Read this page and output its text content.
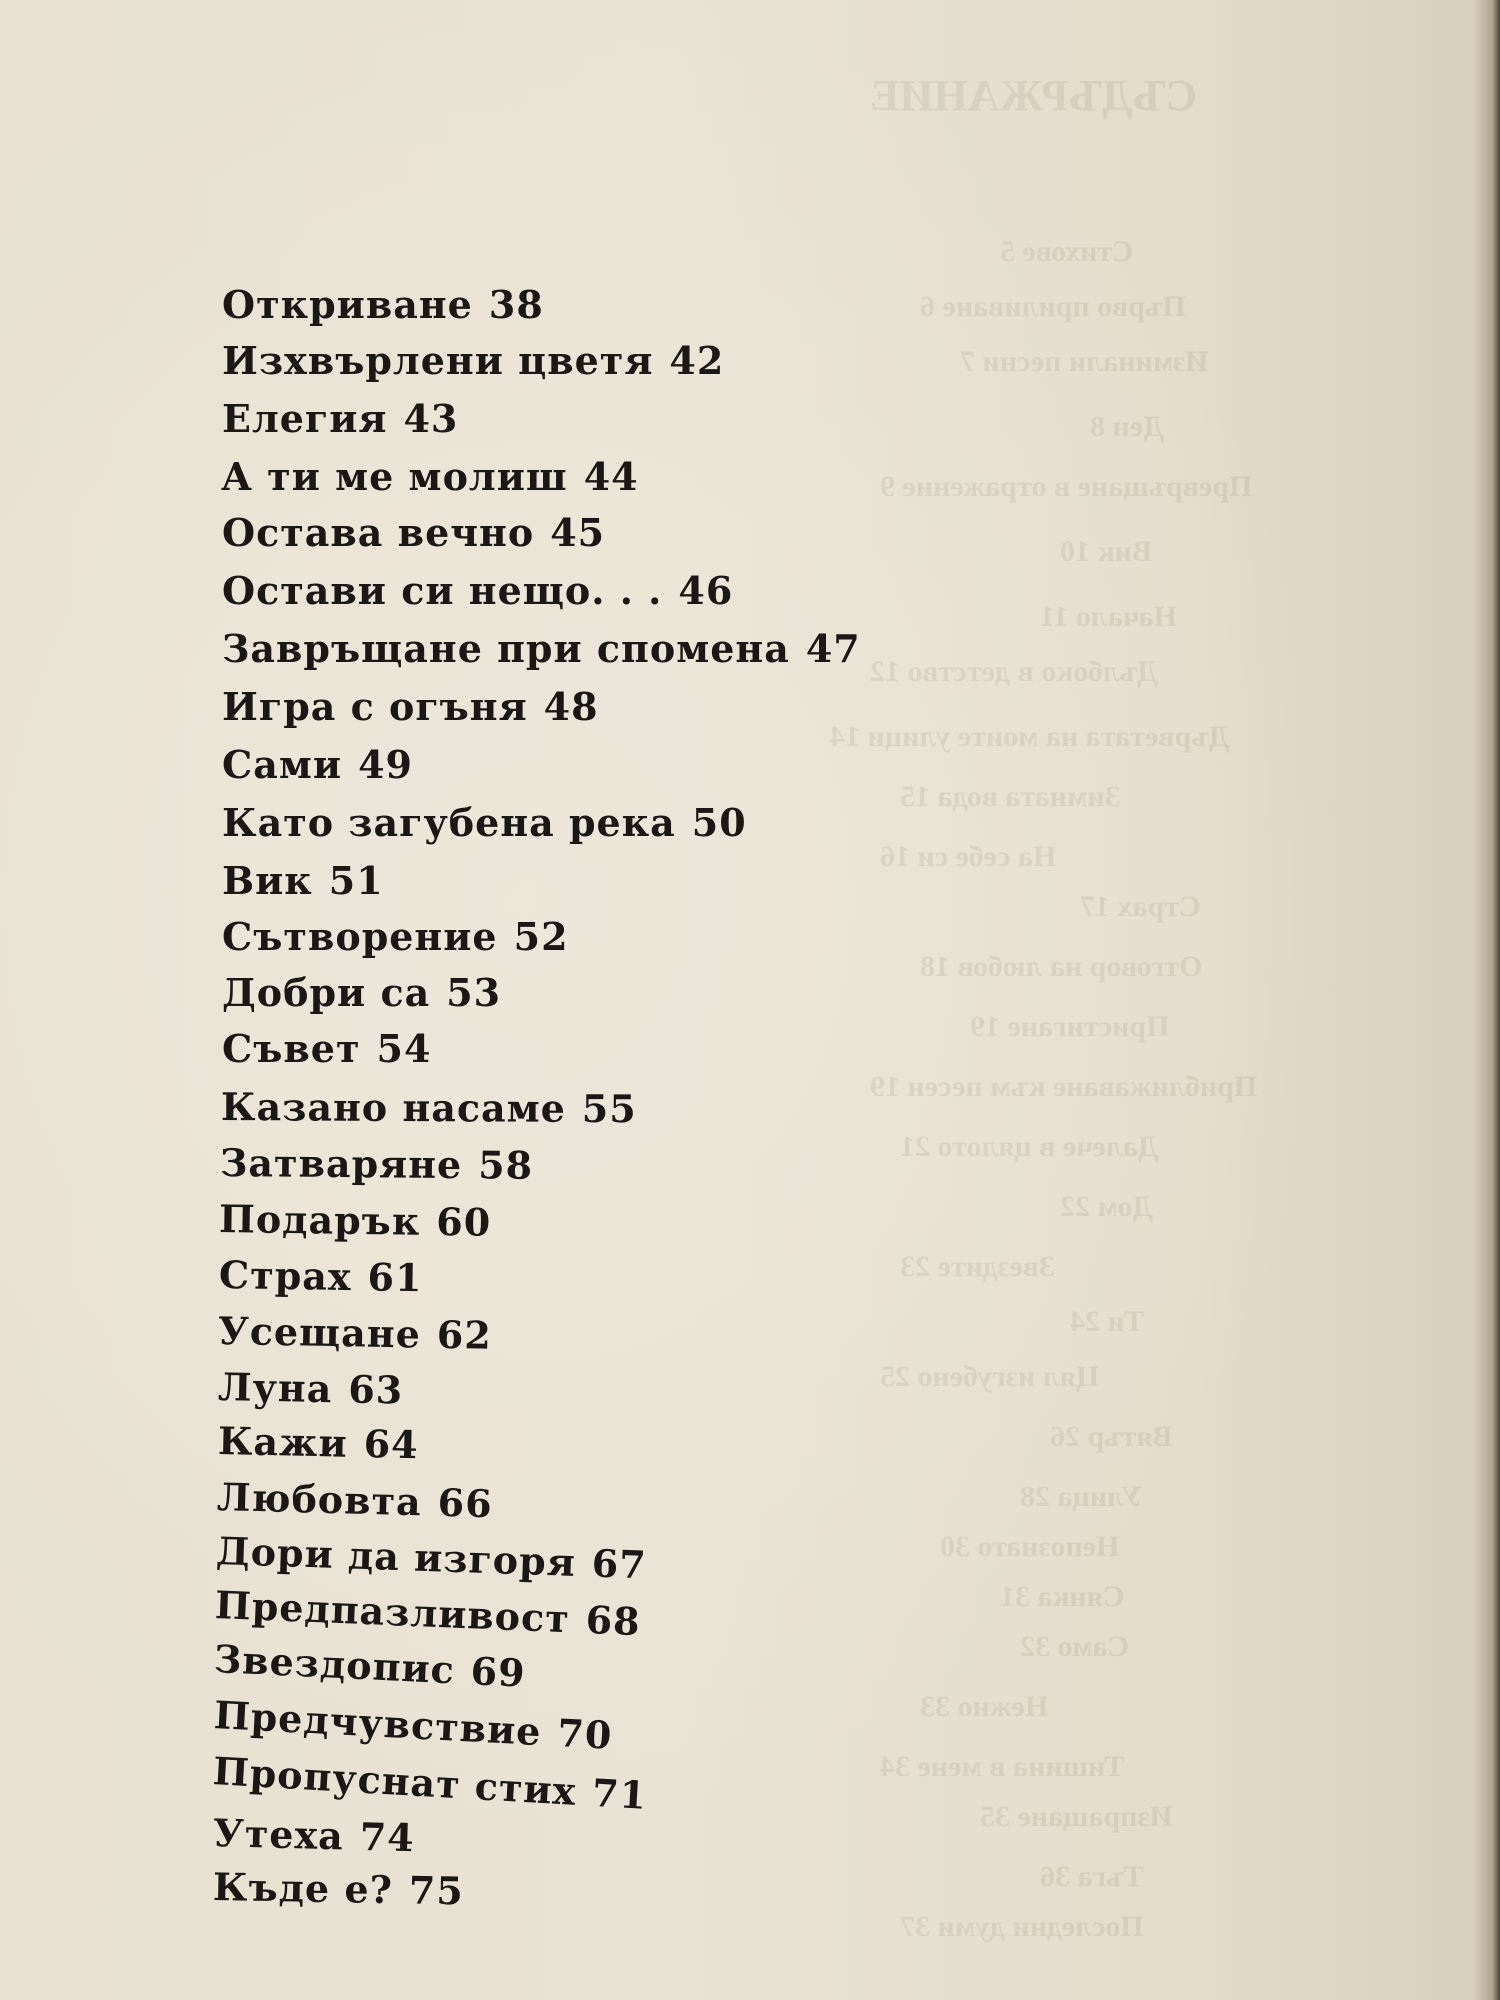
СЪДЪРЖАНИЕ
Стихове 5
Първо приливане 6
Изминали песни 7
Ден 8
Превръщане в отражение 9
Вик 10
Начало 11
Дълбоко в детство 12
Дърветата на моите улици 14
Зимната вода 15
На себе си 16
Страх 17
Отговор на любов 18
Пристигане 19
Приближаване към песен 19
Далече в цялото 21
Дом 22
Звездите 23
Ти 24
Цял изгубено 25
Вятър 26
Улица 28
Непознато 30
Сянка 31
Само 32
Нежно 33
Тишина в мене 34
Изпращане 35
Тъга 36
Последни думи 37
Откриване 38
Изхвърлени цветя 42
Елегия 43
А ти ме молиш 44
Остава вечно 45
Остави си нещо. . . 46
Завръщане при спомена 47
Игра с огъня 48
Сами 49
Като загубена река 50
Вик 51
Сътворение 52
Добри са 53
Съвет 54
Казано насаме 55
Затваряне 58
Подарък 60
Страх 61
Усещане 62
Луна 63
Кажи 64
Любовта 66
Дори да изгоря 67
Предпазливост 68
Звездопис 69
Предчувствие 70
Пропуснат стих 71
Утеха 74
Къде е? 75
